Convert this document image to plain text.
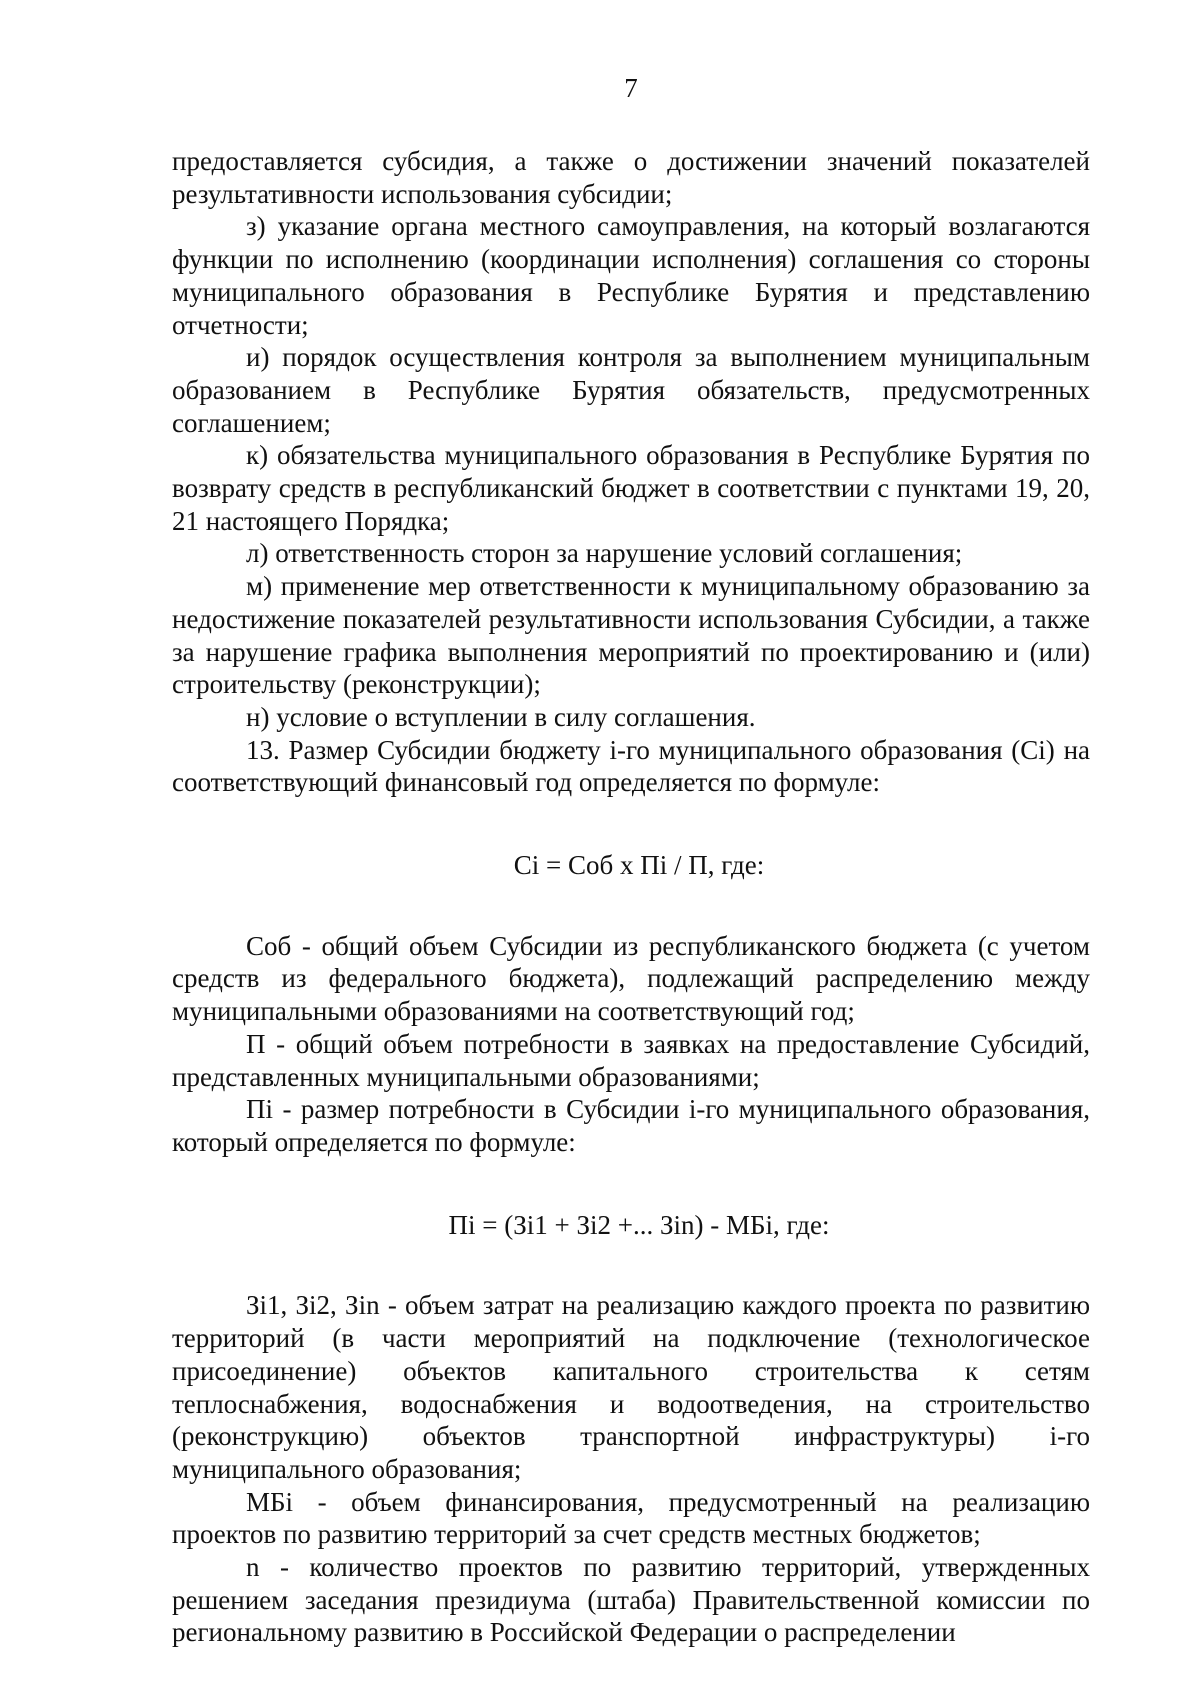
7

предоставляется субсидия, а также о достижении значений показателей результативности использования субсидии;

з) указание органа местного самоуправления, на который возлагаются функции по исполнению (координации исполнения) соглашения со стороны муниципального образования в Республике Бурятия и представлению отчетности;

и) порядок осуществления контроля за выполнением муниципальным образованием в Республике Бурятия обязательств, предусмотренных соглашением;

к) обязательства муниципального образования в Республике Бурятия по возврату средств в республиканский бюджет в соответствии с пунктами 19, 20, 21 настоящего Порядка;

л) ответственность сторон за нарушение условий соглашения;

м) применение мер ответственности к муниципальному образованию за недостижение показателей результативности использования Субсидии, а также за нарушение графика выполнения мероприятий по проектированию и (или) строительству (реконструкции);

н) условие о вступлении в силу соглашения.

13. Размер Субсидии бюджету i-го муниципального образования (Ci) на соответствующий финансовый год определяется по формуле:

Ci = Соб x Пi / П, где:

Соб - общий объем Субсидии из республиканского бюджета (с учетом средств из федерального бюджета), подлежащий распределению между муниципальными образованиями на соответствующий год;

П - общий объем потребности в заявках на предоставление Субсидий, представленных муниципальными образованиями;

Пi - размер потребности в Субсидии i-го муниципального образования, который определяется по формуле:

Пi = (Зi1 + Зi2 +... Зin) - МБi, где:

Зi1, Зi2, Зin - объем затрат на реализацию каждого проекта по развитию территорий (в части мероприятий на подключение (технологическое присоединение) объектов капитального строительства к сетям теплоснабжения, водоснабжения и водоотведения, на строительство (реконструкцию) объектов транспортной инфраструктуры) i-го муниципального образования;

МБi - объем финансирования, предусмотренный на реализацию проектов по развитию территорий за счет средств местных бюджетов;

n - количество проектов по развитию территорий, утвержденных решением заседания президиума (штаба) Правительственной комиссии по региональному развитию в Российской Федерации о распределении
